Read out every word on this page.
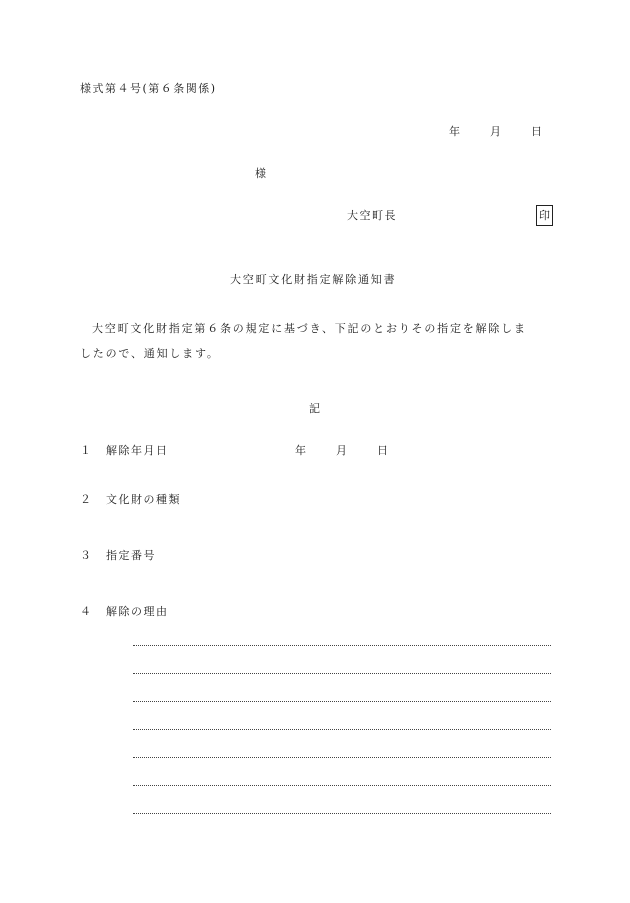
様式第４号(第６条関係)
年	月	日
様
大空町長	印
大空町文化財指定解除通知書
大空町文化財指定第６条の規定に基づき、下記のとおりその指定を解除しま
したので、通知します。
記
１ 解除年月日	年	月	日
２ 文化財の種類
３ 指定番号
４ 解除の理由
